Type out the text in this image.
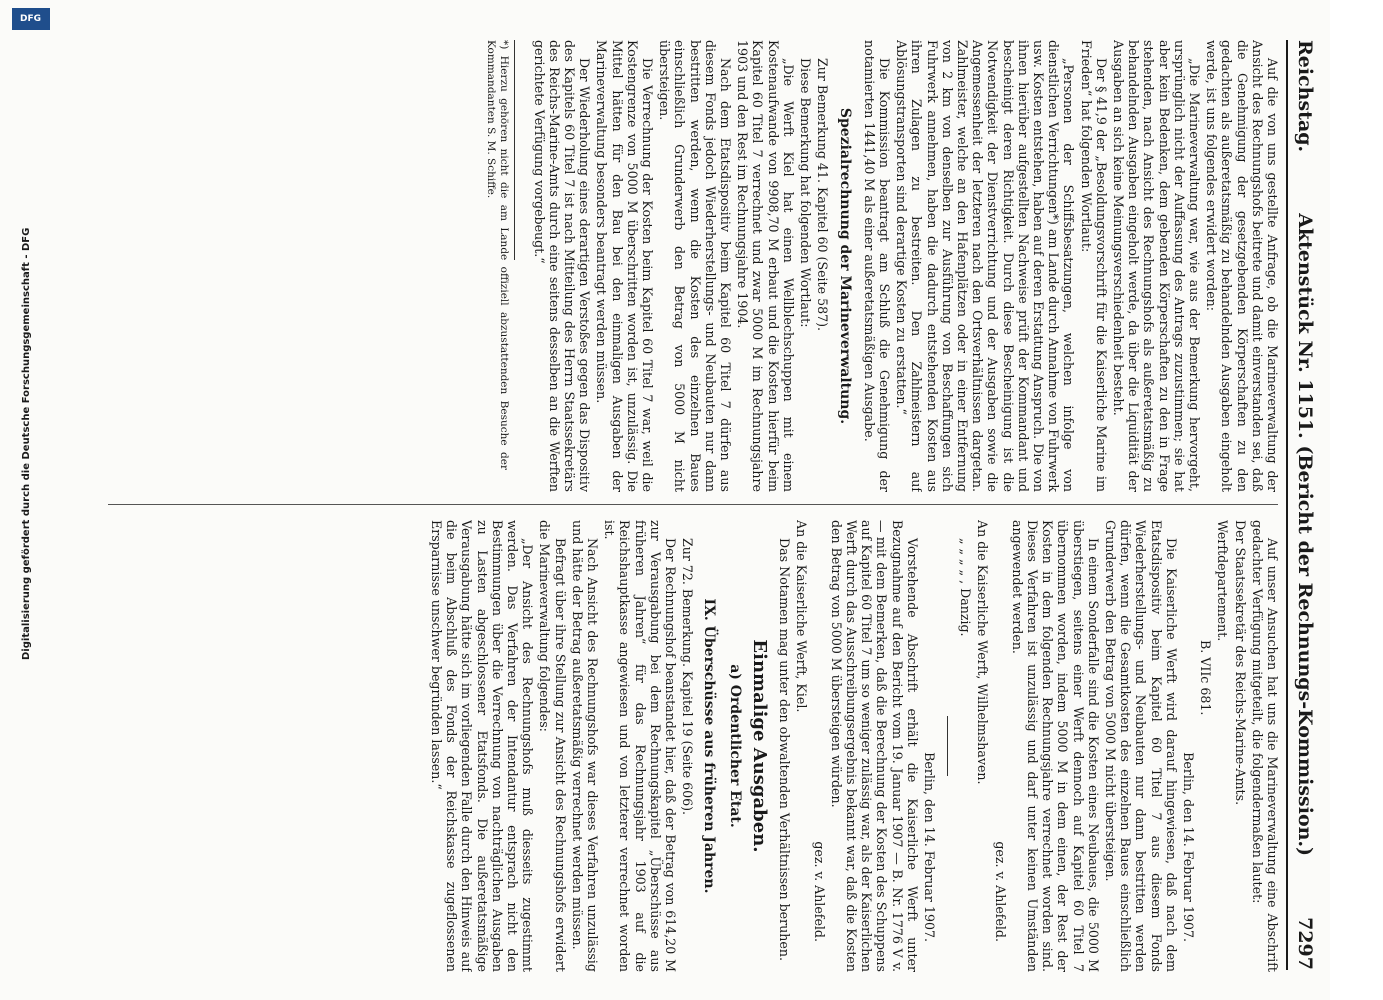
Reichstag.
Aktenstück Nr. 1151. (Bericht der Rechnungs-Kommission.)
7297

Auf die von uns gestellte Anfrage, ob die Marineverwaltung der Ansicht des Rechnungshofs beitrete und damit einverstanden sei, daß die Genehmigung der gesetzgebenden Körperschaften zu den gedachten als außeretatsmäßig zu behandelnden Ausgaben eingeholt werde, ist uns folgendes erwidert worden:

„Die Marineverwaltung war, wie aus der Bemerkung hervorgeht, ursprünglich nicht der Auffassung des Antrags zuzustimmen; sie hat aber kein Bedenken, dem gebenden Körperschaften zu den in Frage stehenden, nach Ansicht des Rechnungshofs als außeretatsmäßig zu behandelnden Ausgaben eingeholt werde, da über die Liquidität der Ausgaben an sich keine Meinungsverschiedenheit besteht.

Der § 41,9 der „Besoldungsvorschrift für die Kaiserliche Marine im Frieden“ hat folgenden Wortlaut:

„Personen der Schiffsbesatzungen, welchen infolge von dienstlichen Verrichtungen*) am Lande durch Annahme von Fuhrwerk usw. Kosten entstehen, haben auf deren Erstattung Anspruch. Die von ihnen hierüber aufgestellten Nachweise prüft der Kommandant und bescheinigt deren Richtigkeit. Durch diese Bescheinigung ist die Notwendigkeit der Dienstverrichtung und der Ausgaben sowie die Angemessenheit der letzteren nach den Ortsverhältnissen dargetan. Zahlmeister, welche an den Hafenplätzen oder in einer Entfernung von 2 km von denselben zur Ausführung von Beschaffungen sich Fuhrwerk annehmen, haben die dadurch entstehenden Kosten aus ihren Zulagen zu bestreiten. Den Zahlmeistern auf Ablösungstransporten sind derartige Kosten zu erstatten.“

Die Kommission beantragt am Schluß die Genehmigung der notamierten 1441,40 M als einer außeretatsmäßigen Ausgabe.

Spezialrechnung der Marineverwaltung.

Zur Bemerkung 41. Kapitel 60 (Seite 587).

Diese Bemerkung hat folgenden Wortlaut:

„Die Werft Kiel hat einen Wellblechschuppen mit einem Kostenaufwande von 9908,70 M erbaut und die Kosten hierfür beim Kapitel 60 Titel 7 verrechnet und zwar 5000 M im Rechnungsjahre 1903 und den Rest im Rechnungsjahre 1904.

Nach dem Etatsdispositiv beim Kapitel 60 Titel 7 dürfen aus diesem Fonds jedoch Wiederherstellungs- und Neubauten nur dann bestritten werden, wenn die Kosten des einzelnen Baues einschließlich Grunderwerb den Betrag von 5000 M nicht übersteigen.

Die Verrechnung der Kosten beim Kapitel 60 Titel 7 war, weil die Kostengrenze von 5000 M überschritten worden ist, unzulässig. Die Mittel hätten für den Bau bei den einmaligen Ausgaben der Marineverwaltung besonders beantragt werden müssen.

Der Wiederholung eines derartigen Verstoßes gegen das Dispositiv des Kapitels 60 Titel 7 ist nach Mitteilung des Herrn Staatssekretärs des Reichs-Marine-Amts durch eine seitens desselben an die Werften gerichtete Verfügung vorgebeugt.“

*) Hierzu gehören nicht die am Lande offiziell abzustattenden Besuche der Kommandanten S. M. Schiffe.

Auf unser Ansuchen hat uns die Marineverwaltung eine Abschrift gedachter Verfügung mitgeteilt, die folgendermaßen lautet:

Der Staatssekretär des Reichs-Marine-Amts.

Werftdepartement.

B. VIIc 681.

Berlin, den 14. Februar 1907.

Die Kaiserliche Werft wird darauf hingewiesen, daß nach dem Etatsdispositiv beim Kapitel 60 Titel 7 aus diesem Fonds Wiederherstellungs- und Neubauten nur dann bestritten werden dürfen, wenn die Gesamtkosten des einzelnen Baues einschließlich Grunderwerb den Betrag von 5000 M nicht übersteigen.

In einem Sonderfalle sind die Kosten eines Neubaues, die 5000 M überstiegen, seitens einer Werft dennoch auf Kapitel 60 Titel 7 übernommen worden, indem 5000 M in dem einen, der Rest der Kosten in dem folgenden Rechnungsjahre verrechnet worden sind. Dieses Verfahren ist unzulässig und darf unter keinen Umständen angewendet werden.

gez. v. Ahlefeld.

An die Kaiserliche Werft, Wilhelmshaven.

„ „ „ „ , Danzig.

Berlin, den 14. Februar 1907.

Vorstehende Abschrift erhält die Kaiserliche Werft unter Bezugnahme auf den Bericht vom 19. Januar 1907 — B. Nr. 1776 V v. — mit dem Bemerken, daß die Berechnung der Kosten des Schuppens auf Kapitel 60 Titel 7 um so weniger zulässig war, als der Kaiserlichen Werft durch das Ausschreibungsergebnis bekannt war, daß die Kosten den Betrag von 5000 M übersteigen würden.

gez. v. Ahlefeld.

An die Kaiserliche Werft, Kiel.

Das Notamen mag unter den obwaltenden Verhältnissen beruhen.

Einmalige Ausgaben.

a) Ordentlicher Etat.

IX. Überschüsse aus früheren Jahren.

Zur 72. Bemerkung. Kapitel 19 (Seite 606).

Der Rechnungshof beanstandet hier, daß der Betrag von 614,20 M zur Verausgabung bei dem Rechnungskapitel „Überschüsse aus früheren Jahren“ für das Rechnungsjahr 1903 auf die Reichshauptkasse angewiesen und von letzterer verrechnet worden ist.

Nach Ansicht des Rechnungshofs war dieses Verfahren unzulässig und hätte der Betrag außeretatsmäßig verrechnet werden müssen.

Befragt über ihre Stellung zur Ansicht des Rechnungshofs erwidert die Marineverwaltung folgendes:

„Der Ansicht des Rechnungshofs muß diesseits zugestimmt werden. Das Verfahren der Intendantur entsprach nicht den Bestimmungen über die Verrechnung von nachträglichen Ausgaben zu Lasten abgeschlossener Etatsfonds. Die außeretatsmäßige Verausgabung hätte sich im vorliegenden Falle durch den Hinweis auf die beim Abschluß des Fonds der Reichskasse zugeflossenen Ersparnisse unschwer begründen lassen.“

DFG
Digitalisierung gefördert durch die Deutsche Forschungsgemeinschaft - DFG
